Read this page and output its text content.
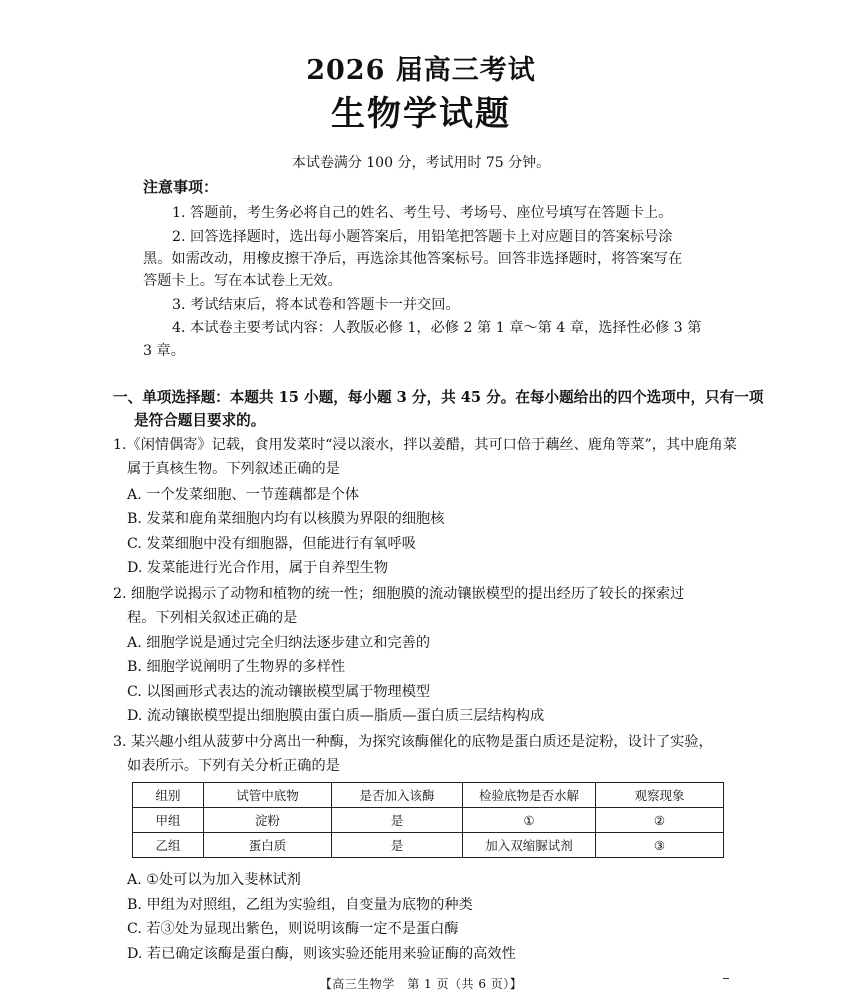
2026 届高三考试
生物学试题
本试卷满分 100 分，考试用时 75 分钟。
注意事项：
1. 答题前，考生务必将自己的姓名、考生号、考场号、座位号填写在答题卡上。
2. 回答选择题时，选出每小题答案后，用铅笔把答题卡上对应题目的答案标号涂
黑。如需改动，用橡皮擦干净后，再选涂其他答案标号。回答非选择题时，将答案写在
答题卡上。写在本试卷上无效。
3. 考试结束后，将本试卷和答题卡一并交回。
4. 本试卷主要考试内容：人教版必修 1，必修 2 第 1 章～第 4 章，选择性必修 3 第
3 章。
一、单项选择题：本题共 15 小题，每小题 3 分，共 45 分。在每小题给出的四个选项中，只有一项
是符合题目要求的。
1.《闲情偶寄》记载，食用发菜时“浸以滚水，拌以姜醋，其可口倍于藕丝、鹿角等菜”，其中鹿角菜
属于真核生物。下列叙述正确的是
A. 一个发菜细胞、一节莲藕都是个体
B. 发菜和鹿角菜细胞内均有以核膜为界限的细胞核
C. 发菜细胞中没有细胞器，但能进行有氧呼吸
D. 发菜能进行光合作用，属于自养型生物
2. 细胞学说揭示了动物和植物的统一性；细胞膜的流动镶嵌模型的提出经历了较长的探索过
程。下列相关叙述正确的是
A. 细胞学说是通过完全归纳法逐步建立和完善的
B. 细胞学说阐明了生物界的多样性
C. 以图画形式表达的流动镶嵌模型属于物理模型
D. 流动镶嵌模型提出细胞膜由蛋白质—脂质—蛋白质三层结构构成
3. 某兴趣小组从菠萝中分离出一种酶，为探究该酶催化的底物是蛋白质还是淀粉，设计了实验，
如表所示。下列有关分析正确的是
组别	试管中底物	是否加入该酶	检验底物是否水解	观察现象
甲组	淀粉	是	①	②
乙组	蛋白质	是	加入双缩脲试剂	③
A. ①处可以为加入斐林试剂
B. 甲组为对照组，乙组为实验组，自变量为底物的种类
C. 若③处为显现出紫色，则说明该酶一定不是蛋白酶
D. 若已确定该酶是蛋白酶，则该实验还能用来验证酶的高效性
【高三生物学　第 1 页（共 6 页）】
